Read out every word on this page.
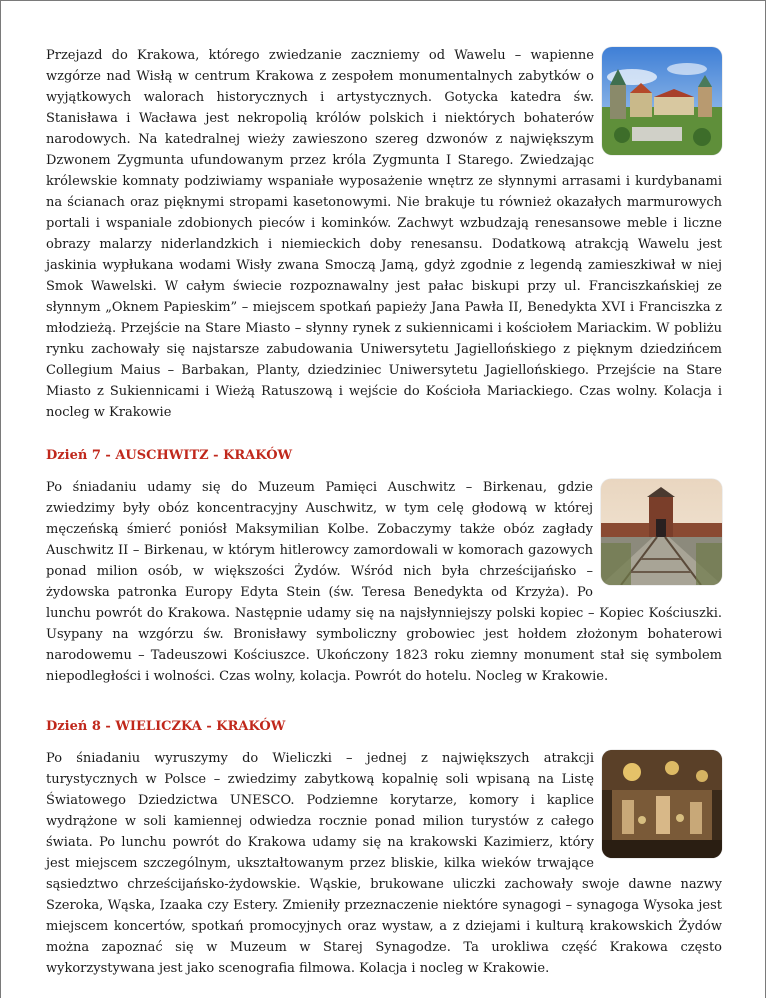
Przejazd do Krakowa, którego zwiedzanie zaczniemy od Wawelu – wapienne wzgórze nad Wisłą w centrum Krakowa z zespołem monumentalnych zabytków o wyjątkowych walorach historycznych i artystycznych. Gotycka katedra św. Stanisława i Wacława jest nekropolią królów polskich i niektórych bohaterów narodowych. Na katedralnej wieży zawieszono szereg dzwonów z największym Dzwonem Zygmunta ufundowanym przez króla Zygmunta I Starego. Zwiedzając królewskie komnaty podziwiamy wspaniałe wyposażenie wnętrz ze słynnymi arrasami i kurdybanami na ścianach oraz pięknymi stropami kasetonowymi. Nie brakuje tu również okazałych marmurowych portali i wspaniale zdobionych pieców i kominków. Zachwyt wzbudzają renesansowe meble i liczne obrazy malarzy niderlandzkich i niemieckich doby renesansu. Dodatkową atrakcją Wawelu jest jaskinia wypłukana wodami Wisły zwana Smoczą Jamą, gdyż zgodnie z legendą zamieszkiwał w niej Smok Wawelski. W całym świecie rozpoznawalny jest pałac biskupi przy ul. Franciszkańskiej ze słynnym „Oknem Papieskim” – miejscem spotkań papieży Jana Pawła II, Benedykta XVI i Franciszka z młodzieżą. Przejście na Stare Miasto – słynny rynek z sukiennicami i kościołem Mariackim. W pobliżu rynku zachowały się najstarsze zabudowania Uniwersytetu Jagiellońskiego z pięknym dziedzińcem Collegium Maius – Barbakan, Planty, dziedziniec Uniwersytetu Jagiellońskiego. Przejście na Stare Miasto z Sukiennicami i Wieżą Ratuszową i wejście do Kościoła Mariackiego. Czas wolny. Kolacja i nocleg w Krakowie

Dzień 7 - AUSCHWITZ - KRAKÓW

Po śniadaniu udamy się do Muzeum Pamięci Auschwitz – Birkenau, gdzie zwiedzimy były obóz koncentracyjny Auschwitz, w tym celę głodową w której męczeńską śmierć poniósł Maksymilian Kolbe. Zobaczymy także obóz zagłady Auschwitz II – Birkenau, w którym hitlerowcy zamordowali w komorach gazowych ponad milion osób, w większości Żydów. Wśród nich była chrześcijańsko – żydowska patronka Europy Edyta Stein (św. Teresa Benedykta od Krzyża). Po lunchu powrót do Krakowa. Następnie udamy się na najsłynniejszy polski kopiec – Kopiec Kościuszki. Usypany na wzgórzu św. Bronisławy symboliczny grobowiec jest hołdem złożonym bohaterowi narodowemu – Tadeuszowi Kościuszce. Ukończony 1823 roku ziemny monument stał się symbolem niepodległości i wolności. Czas wolny, kolacja. Powrót do hotelu. Nocleg w Krakowie.

Dzień 8 - WIELICZKA - KRAKÓW

Po śniadaniu wyruszymy do Wieliczki – jednej z największych atrakcji turystycznych w Polsce – zwiedzimy zabytkową kopalnię soli wpisaną na Listę Światowego Dziedzictwa UNESCO. Podziemne korytarze, komory i kaplice wydrążone w soli kamiennej odwiedza rocznie ponad milion turystów z całego świata. Po lunchu powrót do Krakowa udamy się na krakowski Kazimierz, który jest miejscem szczególnym, ukształtowanym przez bliskie, kilka wieków trwające sąsiedztwo chrześcijańsko-żydowskie. Wąskie, brukowane uliczki zachowały swoje dawne nazwy Szeroka, Wąska, Izaaka czy Estery. Zmieniły przeznaczenie niektóre synagogi – synagoga Wysoka jest miejscem koncertów, spotkań promocyjnych oraz wystaw, a z dziejami i kulturą krakowskich Żydów można zapoznać się w Muzeum w Starej Synagodze. Ta urokliwa część Krakowa często wykorzystywana jest jako scenografia filmowa. Kolacja i nocleg w Krakowie.
